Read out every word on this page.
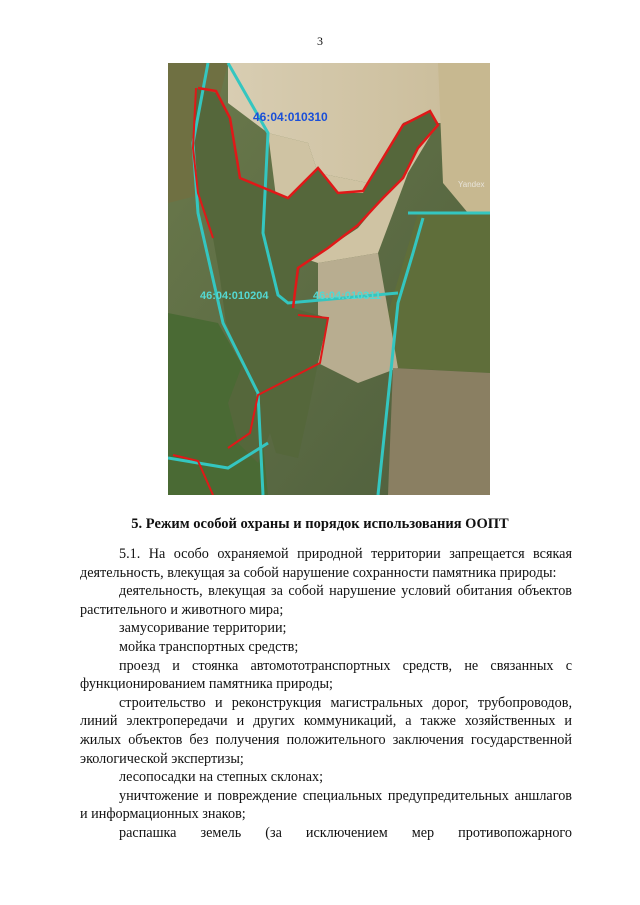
3
46:04:010310
46:04:010204	46:04:010311
Yandex
5. Режим особой охраны и порядок использования ООПТ

5.1. На особо охраняемой природной территории запрещается всякая деятельность, влекущая за собой нарушение сохранности памятника природы:

деятельность, влекущая за собой нарушение условий обитания объектов растительного и животного мира;

замусоривание территории;

мойка транспортных средств;

проезд и стоянка автомототранспортных средств, не связанных с функционированием памятника природы;

строительство и реконструкция магистральных дорог, трубопроводов, линий электропередачи и других коммуникаций, а также хозяйственных и жилых объектов без получения положительного заключения государственной экологической экспертизы;

лесопосадки на степных склонах;

уничтожение и повреждение специальных предупредительных аншлагов и информационных знаков;

распашка земель (за исключением мер противопожарного
